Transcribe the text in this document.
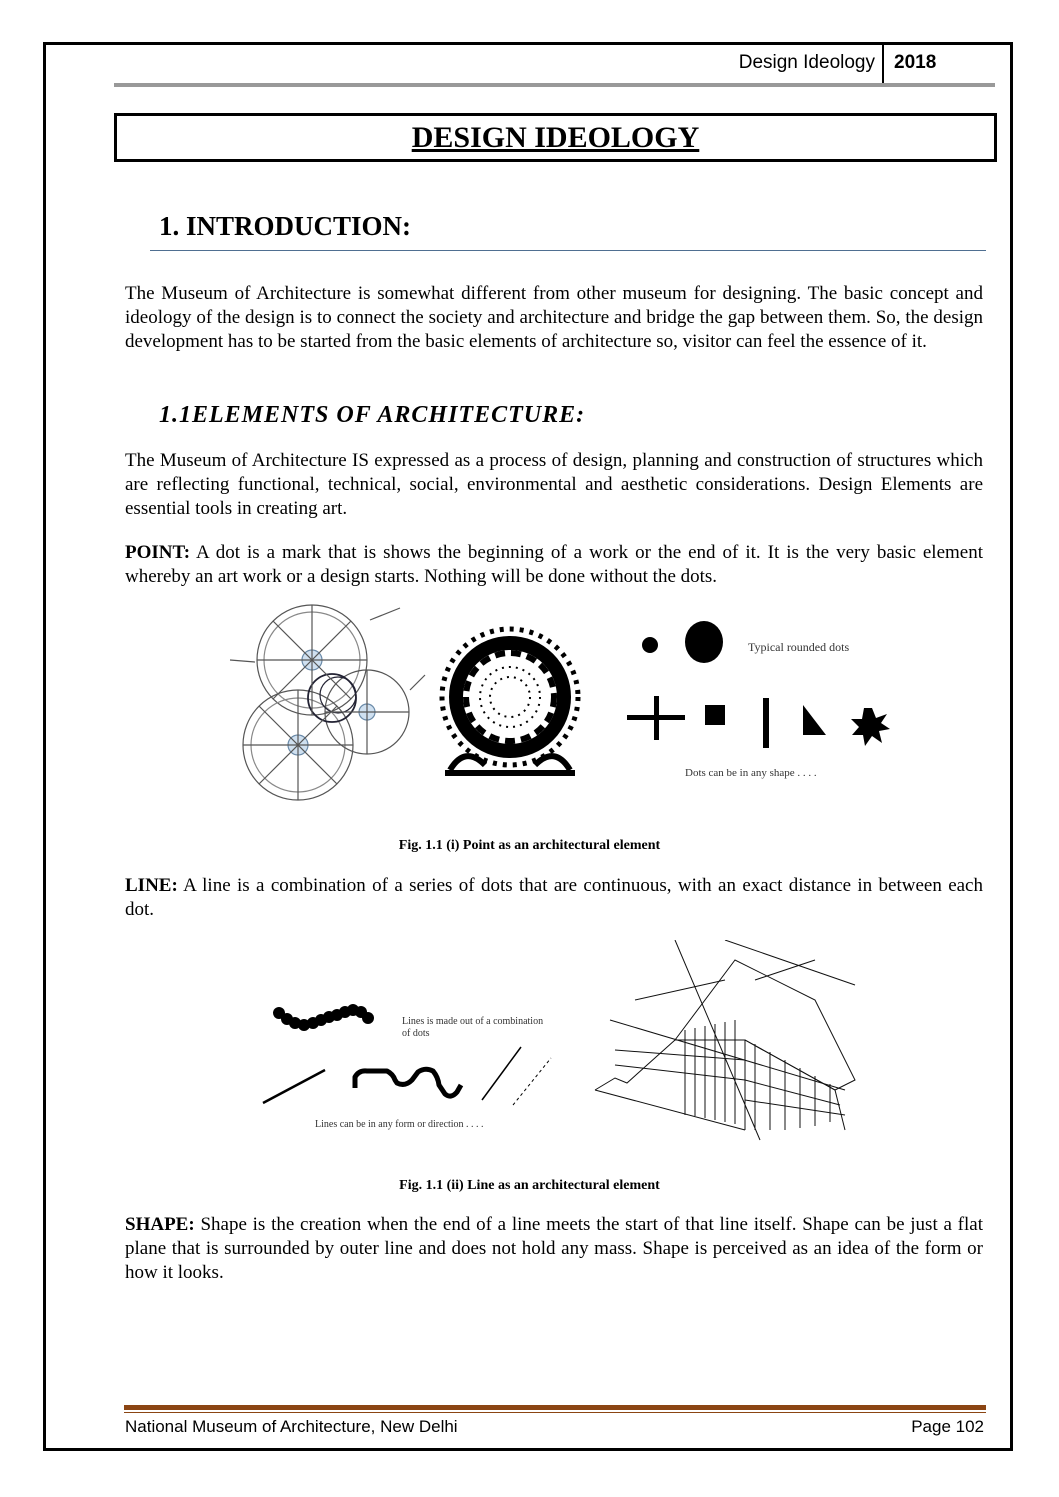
Design Ideology 2018
DESIGN IDEOLOGY
1. INTRODUCTION:

The Museum of Architecture is somewhat different from other museum for designing. The basic concept and ideology of the design is to connect the society and architecture and bridge the gap between them. So, the design development has to be started from the basic elements of architecture so, visitor can feel the essence of it.

1.1ELEMENTS OF ARCHITECTURE:

The Museum of Architecture IS expressed as a process of design, planning and construction of structures which are reflecting functional, technical, social, environmental and aesthetic considerations. Design Elements are essential tools in creating art.

POINT: A dot is a mark that is shows the beginning of a work or the end of it. It is the very basic element whereby an art work or a design starts. Nothing will be done without the dots.

Typical rounded dots
Dots can be in any shape . . . .
Fig. 1.1 (i) Point as an architectural element

LINE: A line is a combination of a series of dots that are continuous, with an exact distance in between each dot.

Lines is made out of a combination
of dots
Lines can be in any form or direction . . . .
Fig. 1.1 (ii) Line as an architectural element

SHAPE: Shape is the creation when the end of a line meets the start of that line itself. Shape can be just a flat plane that is surrounded by outer line and does not hold any mass. Shape is perceived as an idea of the form or how it looks.

National Museum of Architecture, New Delhi	Page 102
